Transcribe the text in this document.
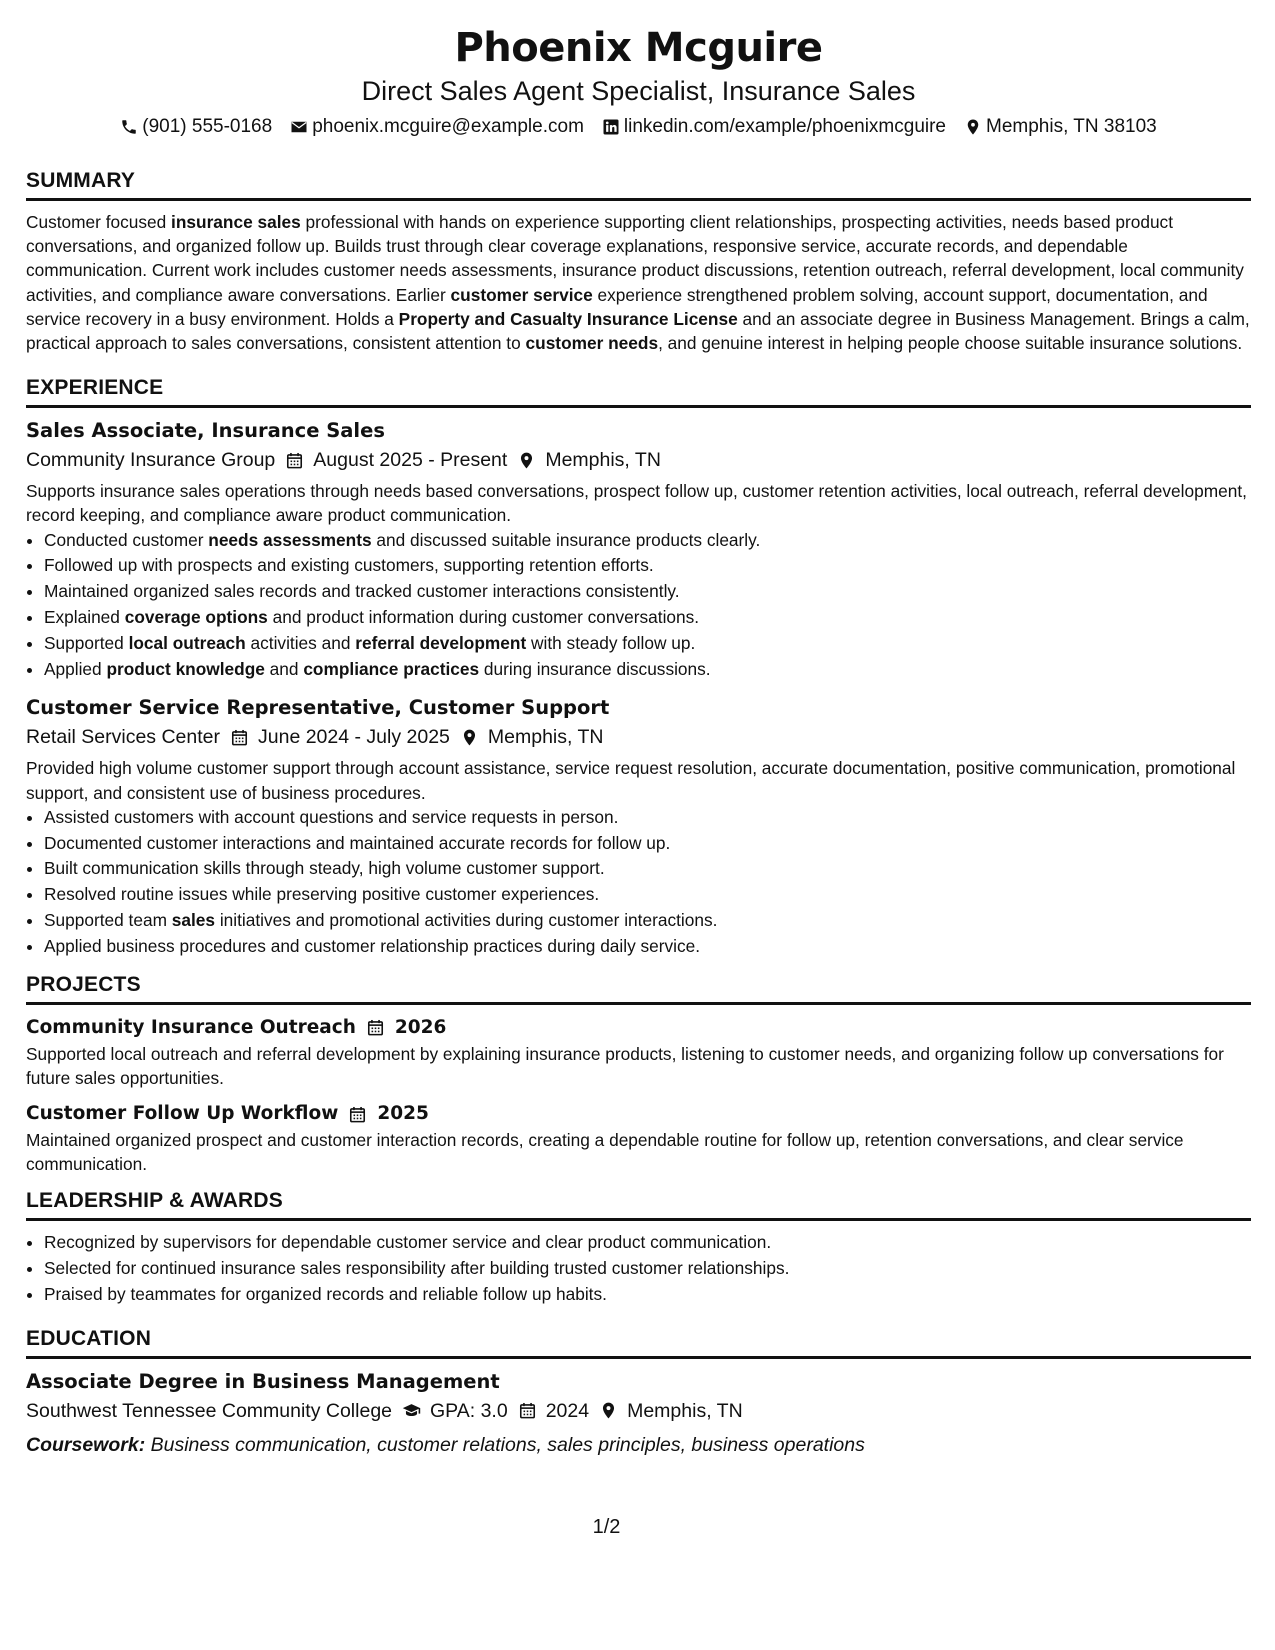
Phoenix Mcguire
Direct Sales Agent Specialist, Insurance Sales
(901) 555-0168 phoenix.mcguire@example.com linkedin.com/example/phoenixmcguire Memphis, TN 38103
SUMMARY
Customer focused insurance sales professional with hands on experience supporting client relationships, prospecting activities, needs based product conversations, and organized follow up. Builds trust through clear coverage explanations, responsive service, accurate records, and dependable communication. Current work includes customer needs assessments, insurance product discussions, retention outreach, referral development, local community activities, and compliance aware conversations. Earlier customer service experience strengthened problem solving, account support, documentation, and service recovery in a busy environment. Holds a Property and Casualty Insurance License and an associate degree in Business Management. Brings a calm, practical approach to sales conversations, consistent attention to customer needs, and genuine interest in helping people choose suitable insurance solutions.
EXPERIENCE
Sales Associate, Insurance Sales
Community Insurance Group August 2025 - Present Memphis, TN
Supports insurance sales operations through needs based conversations, prospect follow up, customer retention activities, local outreach, referral development, record keeping, and compliance aware product communication.
• Conducted customer needs assessments and discussed suitable insurance products clearly.
• Followed up with prospects and existing customers, supporting retention efforts.
• Maintained organized sales records and tracked customer interactions consistently.
• Explained coverage options and product information during customer conversations.
• Supported local outreach activities and referral development with steady follow up.
• Applied product knowledge and compliance practices during insurance discussions.
Customer Service Representative, Customer Support
Retail Services Center June 2024 - July 2025 Memphis, TN
Provided high volume customer support through account assistance, service request resolution, accurate documentation, positive communication, promotional support, and consistent use of business procedures.
• Assisted customers with account questions and service requests in person.
• Documented customer interactions and maintained accurate records for follow up.
• Built communication skills through steady, high volume customer support.
• Resolved routine issues while preserving positive customer experiences.
• Supported team sales initiatives and promotional activities during customer interactions.
• Applied business procedures and customer relationship practices during daily service.
PROJECTS
Community Insurance Outreach 2026
Supported local outreach and referral development by explaining insurance products, listening to customer needs, and organizing follow up conversations for future sales opportunities.
Customer Follow Up Workflow 2025
Maintained organized prospect and customer interaction records, creating a dependable routine for follow up, retention conversations, and clear service communication.
LEADERSHIP & AWARDS
• Recognized by supervisors for dependable customer service and clear product communication.
• Selected for continued insurance sales responsibility after building trusted customer relationships.
• Praised by teammates for organized records and reliable follow up habits.
EDUCATION
Associate Degree in Business Management
Southwest Tennessee Community College GPA: 3.0 2024 Memphis, TN
Coursework: Business communication, customer relations, sales principles, business operations
1/2
